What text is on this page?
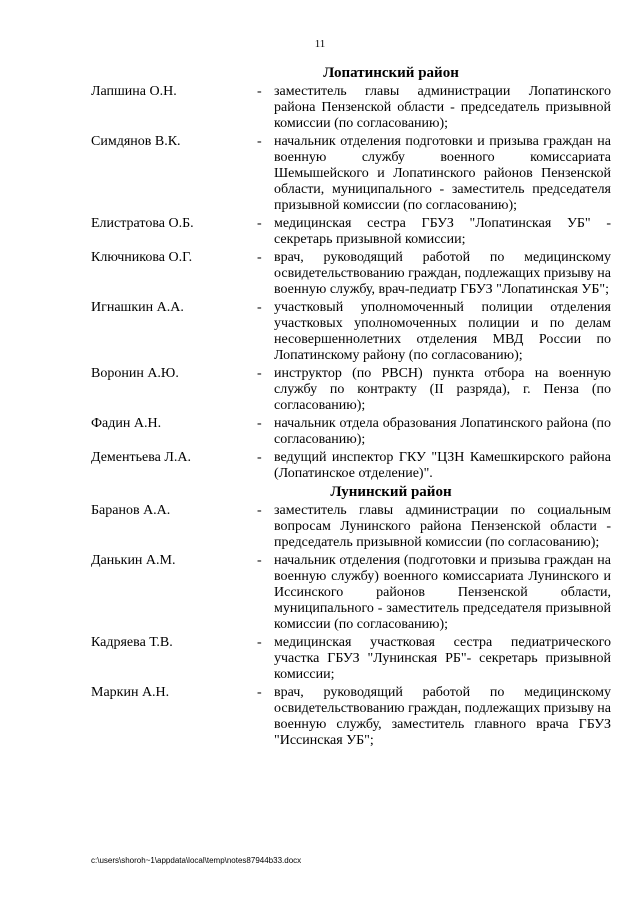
11
Лопатинский район
Лапшина О.Н.	- заместитель главы администрации Лопатинского района Пензенской области - председатель призывной комиссии (по согласованию);
Симдянов В.К.	- начальник отделения подготовки и призыва граждан на военную службу военного комиссариата Шемышейского и Лопатинского районов Пензенской области, муниципального - заместитель председателя призывной комиссии (по согласованию);
Елистратова О.Б.	- медицинская сестра ГБУЗ "Лопатинская УБ" - секретарь призывной комиссии;
Ключникова О.Г.	- врач, руководящий работой по медицинскому освидетельствованию граждан, подлежащих призыву на военную службу, врач-педиатр ГБУЗ "Лопатинская УБ";
Игнашкин А.А.	- участковый уполномоченный полиции отделения участковых уполномоченных полиции и по делам несовершеннолетних отделения МВД России по Лопатинскому району (по согласованию);
Воронин А.Ю.	- инструктор (по РВСН) пункта отбора на военную службу по контракту (II разряда), г. Пенза (по согласованию);
Фадин А.Н.	- начальник отдела образования Лопатинского района (по согласованию);
Дементьева Л.А.	- ведущий инспектор ГКУ "ЦЗН Камешкирского района (Лопатинское отделение)".
Лунинский район
Баранов А.А.	- заместитель главы администрации по социальным вопросам Лунинского района Пензенской области - председатель призывной комиссии (по согласованию);
Данькин А.М.	- начальник отделения (подготовки и призыва граждан на военную службу) военного комиссариата Лунинского и Иссинского районов Пензенской области, муниципального - заместитель председателя призывной комиссии (по согласованию);
Кадряева Т.В.	- медицинская участковая сестра педиатрического участка ГБУЗ "Лунинская РБ"- секретарь призывной комиссии;
Маркин А.Н.	- врач, руководящий работой по медицинскому освидетельствованию граждан, подлежащих призыву на военную службу, заместитель главного врача ГБУЗ "Иссинская УБ";
c:\users\shoroh~1\appdata\local\temp\notes87944b33.docx
